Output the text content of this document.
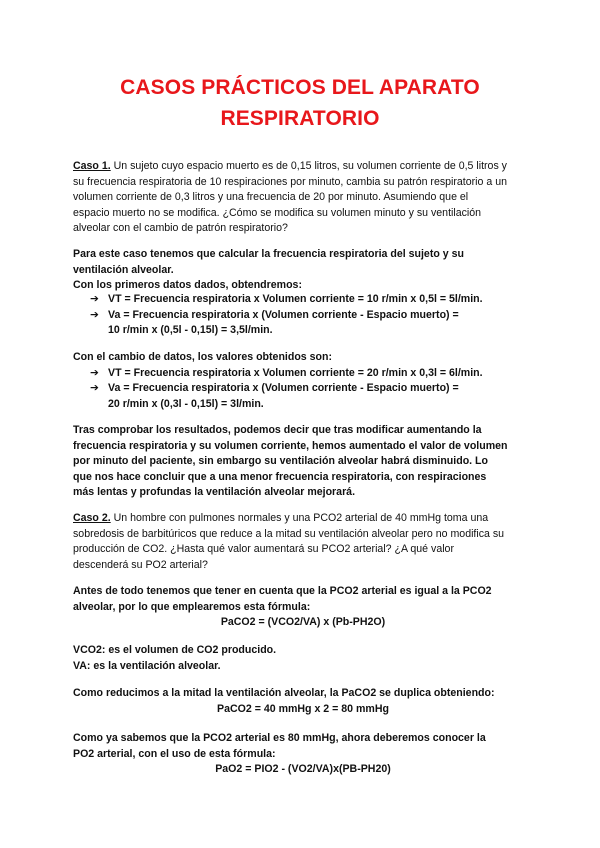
CASOS PRÁCTICOS DEL APARATO
RESPIRATORIO
Caso 1. Un sujeto cuyo espacio muerto es de 0,15 litros, su volumen corriente de 0,5 litros y
su frecuencia respiratoria de 10 respiraciones por minuto, cambia su patrón respiratorio a un
volumen corriente de 0,3 litros y una frecuencia de 20 por minuto. Asumiendo que el
espacio muerto no se modifica. ¿Cómo se modifica su volumen minuto y su ventilación
alveolar con el cambio de patrón respiratorio?
Para este caso tenemos que calcular la frecuencia respiratoria del sujeto y su
ventilación alveolar.
Con los primeros datos dados, obtendremos:
➔ VT = Frecuencia respiratoria x Volumen corriente = 10 r/min x 0,5l = 5l/min.
➔ Va = Frecuencia respiratoria x (Volumen corriente - Espacio muerto) =
10 r/min x (0,5l - 0,15l) = 3,5l/min.
Con el cambio de datos, los valores obtenidos son:
➔ VT = Frecuencia respiratoria x Volumen corriente = 20 r/min x 0,3l = 6l/min.
➔ Va = Frecuencia respiratoria x (Volumen corriente - Espacio muerto) =
20 r/min x (0,3l - 0,15l) = 3l/min.
Tras comprobar los resultados, podemos decir que tras modificar aumentando la
frecuencia respiratoria y su volumen corriente, hemos aumentado el valor de volumen
por minuto del paciente, sin embargo su ventilación alveolar habrá disminuido. Lo
que nos hace concluir que a una menor frecuencia respiratoria, con respiraciones
más lentas y profundas la ventilación alveolar mejorará.
Caso 2. Un hombre con pulmones normales y una PCO2 arterial de 40 mmHg toma una
sobredosis de barbitúricos que reduce a la mitad su ventilación alveolar pero no modifica su
producción de CO2. ¿Hasta qué valor aumentará su PCO2 arterial? ¿A qué valor
descenderá su PO2 arterial?
Antes de todo tenemos que tener en cuenta que la PCO2 arterial es igual a la PCO2
alveolar, por lo que emplearemos esta fórmula:
PaCO2 = (VCO2/VA) x (Pb-PH2O)
VCO2: es el volumen de CO2 producido.
VA: es la ventilación alveolar.
Como reducimos a la mitad la ventilación alveolar, la PaCO2 se duplica obteniendo:
PaCO2 = 40 mmHg x 2 = 80 mmHg
Como ya sabemos que la PCO2 arterial es 80 mmHg, ahora deberemos conocer la
PO2 arterial, con el uso de esta fórmula:
PaO2 = PIO2 - (VO2/VA)x(PB-PH20)
